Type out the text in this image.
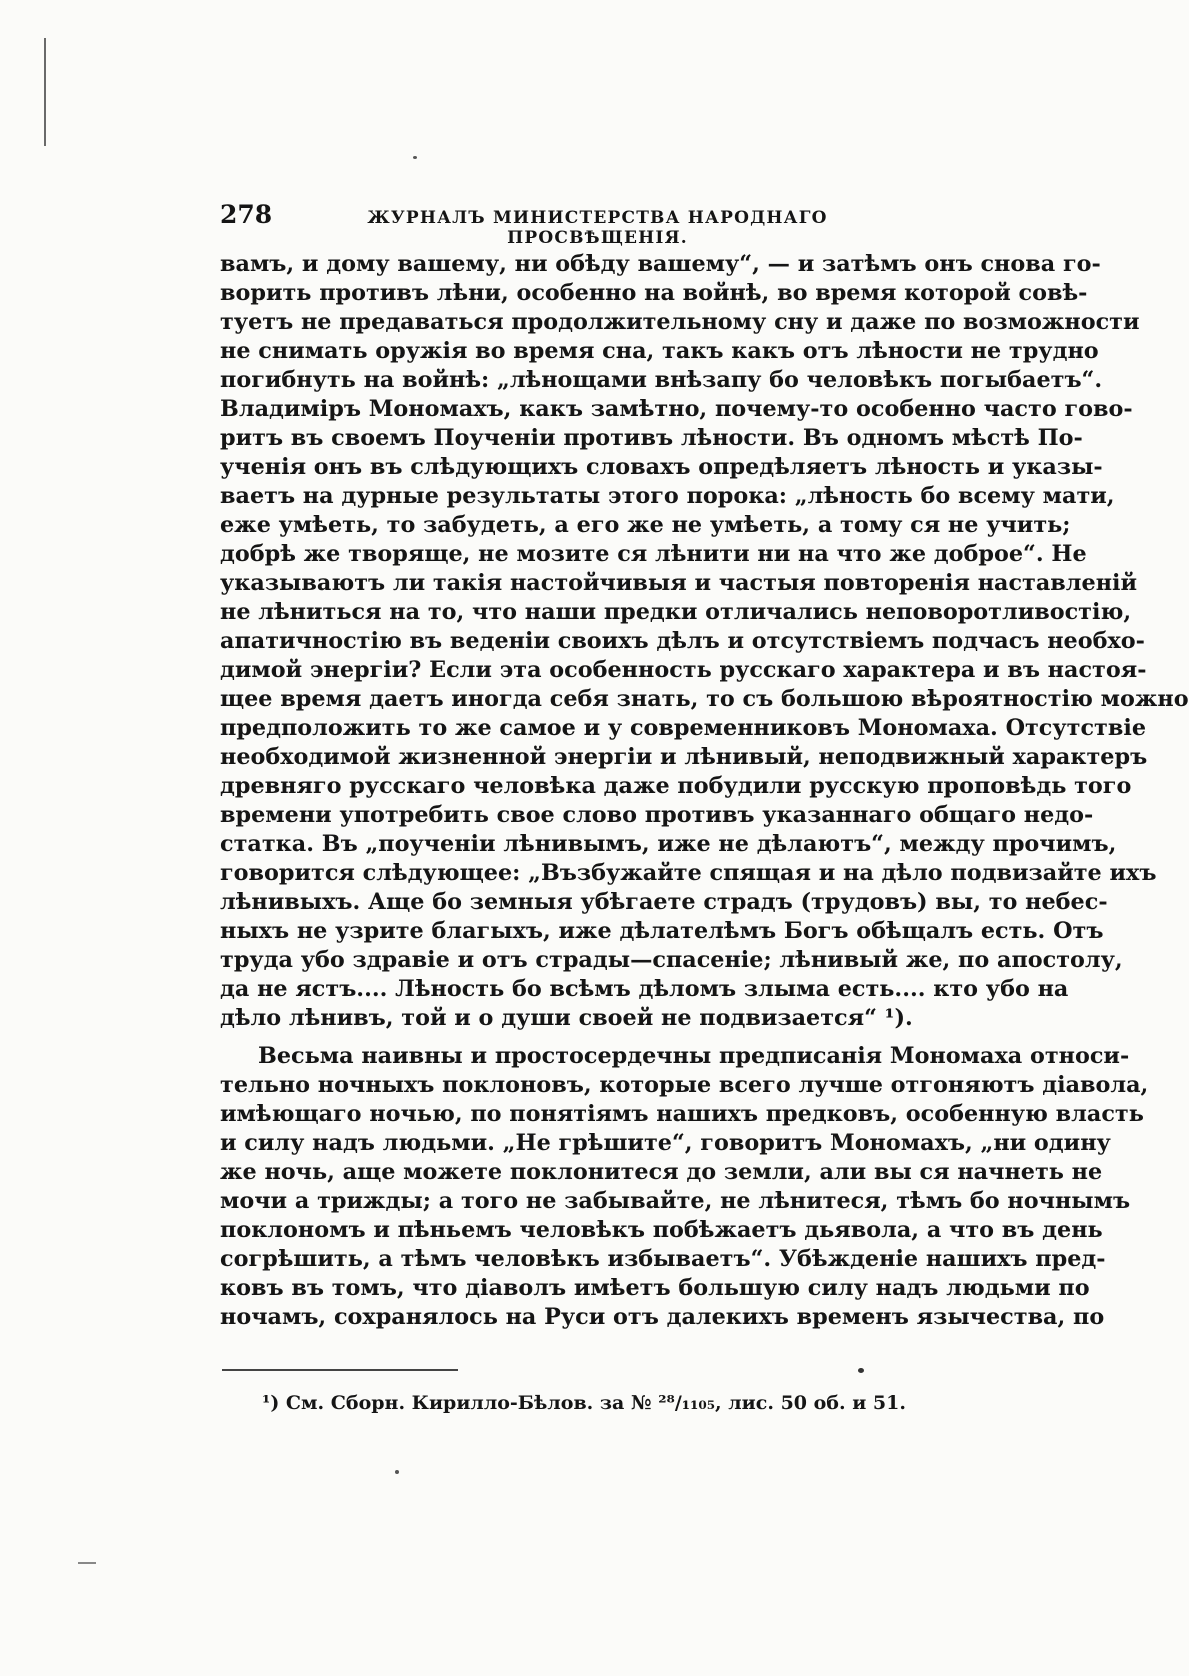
278	ЖУРНАЛЪ МИНИСТЕРСТВА НАРОДНАГО ПРОСВѢЩЕНІЯ.
вамъ, и дому вашему, ни обѣду вашему“, — и затѣмъ онъ снова го-
ворить противъ лѣни, особенно на войнѣ, во время которой совѣ-
туетъ не предаваться продолжительному сну и даже по возможности
не снимать оружія во время сна, такъ какъ отъ лѣности не трудно
погибнуть на войнѣ: „лѣнощами внѣзапу бо человѣкъ погыбаетъ“.
Владиміръ Мономахъ, какъ замѣтно, почему-то особенно часто гово-
ритъ въ своемъ Поученіи противъ лѣности. Въ одномъ мѣстѣ По-
ученія онъ въ слѣдующихъ словахъ опредѣляетъ лѣность и указы-
ваетъ на дурные результаты этого порока: „лѣность бо всему мати,
еже умѣеть, то забудеть, а его же не умѣеть, а тому ся не учить;
добрѣ же творяще, не мозите ся лѣнити ни на что же доброе“. Не
указываютъ ли такія настойчивыя и частыя повторенія наставленій
не лѣниться на то, что наши предки отличались неповоротливостію,
апатичностію въ веденіи своихъ дѣлъ и отсутствіемъ подчасъ необхо-
димой энергіи? Если эта особенность русскаго характера и въ настоя-
щее время даетъ иногда себя знать, то съ большою вѣроятностію можно
предположить то же самое и у современниковъ Мономаха. Отсутствіе
необходимой жизненной энергіи и лѣнивый, неподвижный характеръ
древняго русскаго человѣка даже побудили русскую проповѣдь того
времени употребить свое слово противъ указаннаго общаго недо-
статка. Въ „поученіи лѣнивымъ, иже не дѣлаютъ“, между прочимъ,
говорится слѣдующее: „Възбужайте спящая и на дѣло подвизайте ихъ
лѣнивыхъ. Аще бо земныя убѣгаете страдъ (трудовъ) вы, то небес-
ныхъ не узрите благыхъ, иже дѣлателѣмъ Богъ обѣщалъ есть. Отъ
труда убо здравіе и отъ страды—спасеніе; лѣнивый же, по апостолу,
да не ястъ.... Лѣность бо всѣмъ дѣломъ злыма есть.... кто убо на
дѣло лѣнивъ, той и о души своей не подвизается“ ¹).
Весьма наивны и простосердечны предписанія Мономаха относи-
тельно ночныхъ поклоновъ, которые всего лучше отгоняютъ діавола,
имѣющаго ночью, по понятіямъ нашихъ предковъ, особенную власть
и силу надъ людьми. „Не грѣшите“, говоритъ Мономахъ, „ни одину
же ночь, аще можете поклонитеся до земли, али вы ся начнеть не
мочи а трижды; а того не забывайте, не лѣнитеся, тѣмъ бо ночнымъ
поклономъ и пѣньемъ человѣкъ побѣжаетъ дьявола, а что въ день
согрѣшить, а тѣмъ человѣкъ избываетъ“. Убѣжденіе нашихъ пред-
ковъ въ томъ, что діаволъ имѣетъ большую силу надъ людьми по
ночамъ, сохранялось на Руси отъ далекихъ временъ язычества, по
¹) См. Сборн. Кирилло-Бѣлов. за № ²⁸/₁₁₀₅, лис. 50 об. и 51.
